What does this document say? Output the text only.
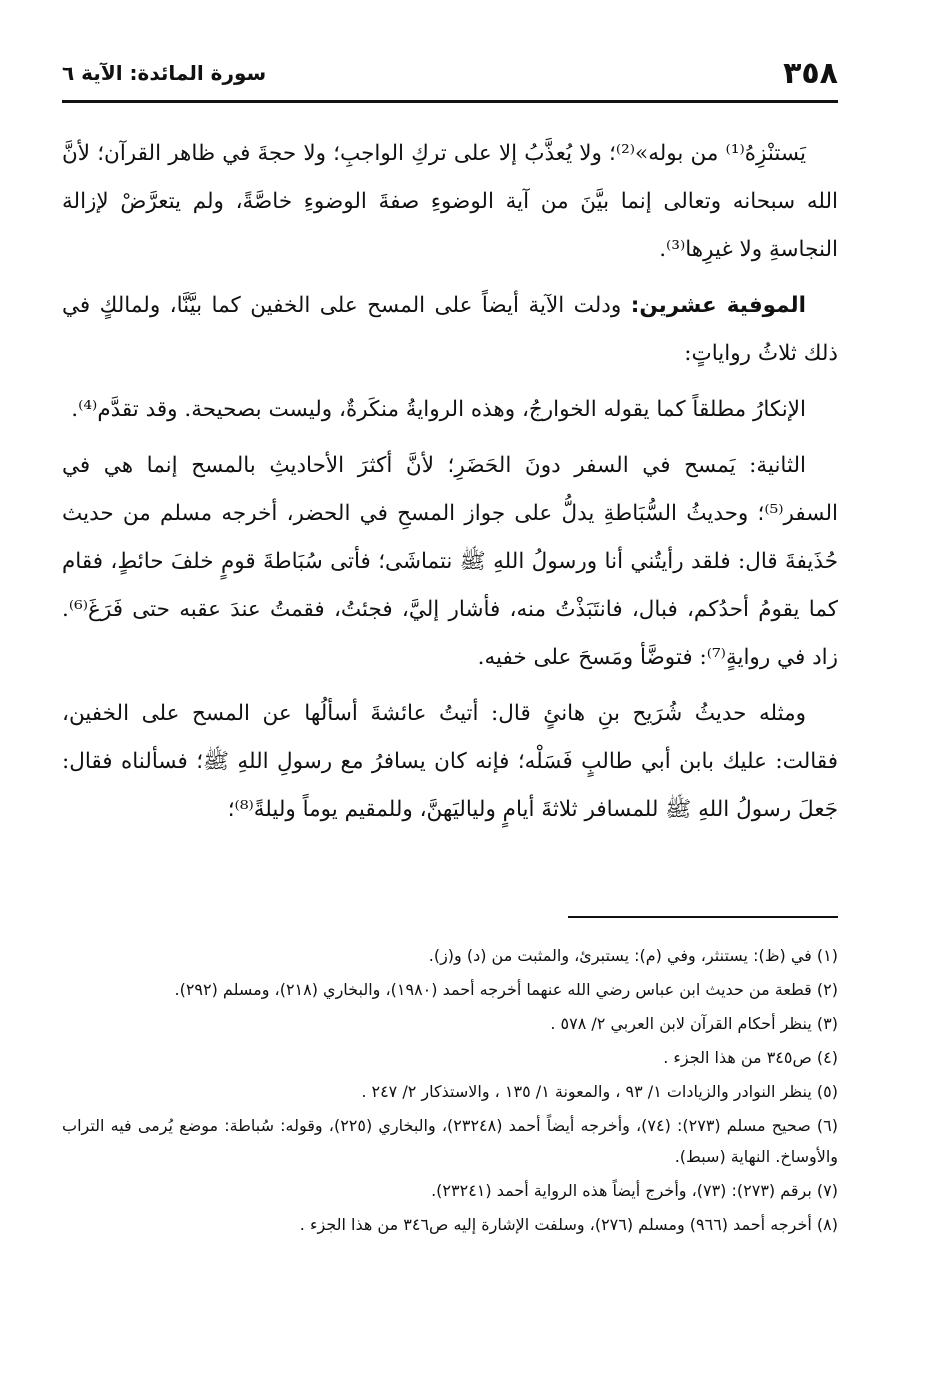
٣٥٨
سورة المائدة: الآية ٦

يَستنْزِهُ⁽¹⁾ من بوله»⁽²⁾؛ ولا يُعذَّبُ إلا على تركِ الواجبِ؛ ولا حجةَ في ظاهر القرآن؛ لأنَّ الله سبحانه وتعالى إنما بيَّنَ من آية الوضوءِ صفةَ الوضوءِ خاصَّةً، ولم يتعرَّضْ لإزالة النجاسةِ ولا غيرِها⁽³⁾.

الموفية عشرين: ودلت الآية أيضاً على المسح على الخفين كما بيَّنَّا، ولمالكٍ في ذلك ثلاثُ رواياتٍ:

الإنكارُ مطلقاً كما يقوله الخوارجُ، وهذه الروايةُ منكَرةٌ، وليست بصحيحة. وقد تقدَّم⁽⁴⁾.

الثانية: يَمسح في السفر دونَ الحَضَرِ؛ لأنَّ أكثرَ الأحاديثِ بالمسح إنما هي في السفر⁽⁵⁾؛ وحديثُ السُّبَاطةِ يدلُّ على جواز المسحِ في الحضر، أخرجه مسلم من حديث حُذَيفةَ قال: فلقد رأيتُني أنا ورسولُ اللهِ ﷺ نتماشَى؛ فأتى سُبَاطةَ قومٍ خلفَ حائطٍ، فقام كما يقومُ أحدُكم، فبال، فانتَبَذْتُ منه، فأشار إليَّ، فجئتُ، فقمتُ عندَ عقبه حتى فَرَغَ⁽⁶⁾. زاد في روايةٍ⁽⁷⁾: فتوضَّأ ومَسحَ على خفيه.

ومثله حديثُ شُرَيح بنِ هانئٍ قال: أتيتُ عائشةَ أسألُها عن المسح على الخفين، فقالت: عليك بابن أبي طالبٍ فَسَلْه؛ فإنه كان يسافرُ مع رسولِ اللهِ ﷺ؛ فسألناه فقال: جَعلَ رسولُ اللهِ ﷺ للمسافر ثلاثةَ أيامٍ ولياليَهنَّ، وللمقيم يوماً وليلةً⁽⁸⁾؛

(١) في (ظ): يستنثر، وفي (م): يستبرئ، والمثبت من (د) و(ز).
(٢) قطعة من حديث ابن عباس رضي الله عنهما أخرجه أحمد (١٩٨٠)، والبخاري (٢١٨)، ومسلم (٢٩٢).
(٣) ينظر أحكام القرآن لابن العربي ٢/ ٥٧٨ .
(٤) ص٣٤٥ من هذا الجزء .
(٥) ينظر النوادر والزيادات ١/ ٩٣ ، والمعونة ١/ ١٣٥ ، والاستذكار ٢/ ٢٤٧ .
(٦) صحيح مسلم (٢٧٣): (٧٤)، وأخرجه أيضاً أحمد (٢٣٢٤٨)، والبخاري (٢٢٥)، وقوله: سُباطة: موضع يُرمى فيه التراب والأوساخ. النهاية (سبط).
(٧) برقم (٢٧٣): (٧٣)، وأخرج أيضاً هذه الرواية أحمد (٢٣٢٤١).
(٨) أخرجه أحمد (٩٦٦) ومسلم (٢٧٦)، وسلفت الإشارة إليه ص٣٤٦ من هذا الجزء .
